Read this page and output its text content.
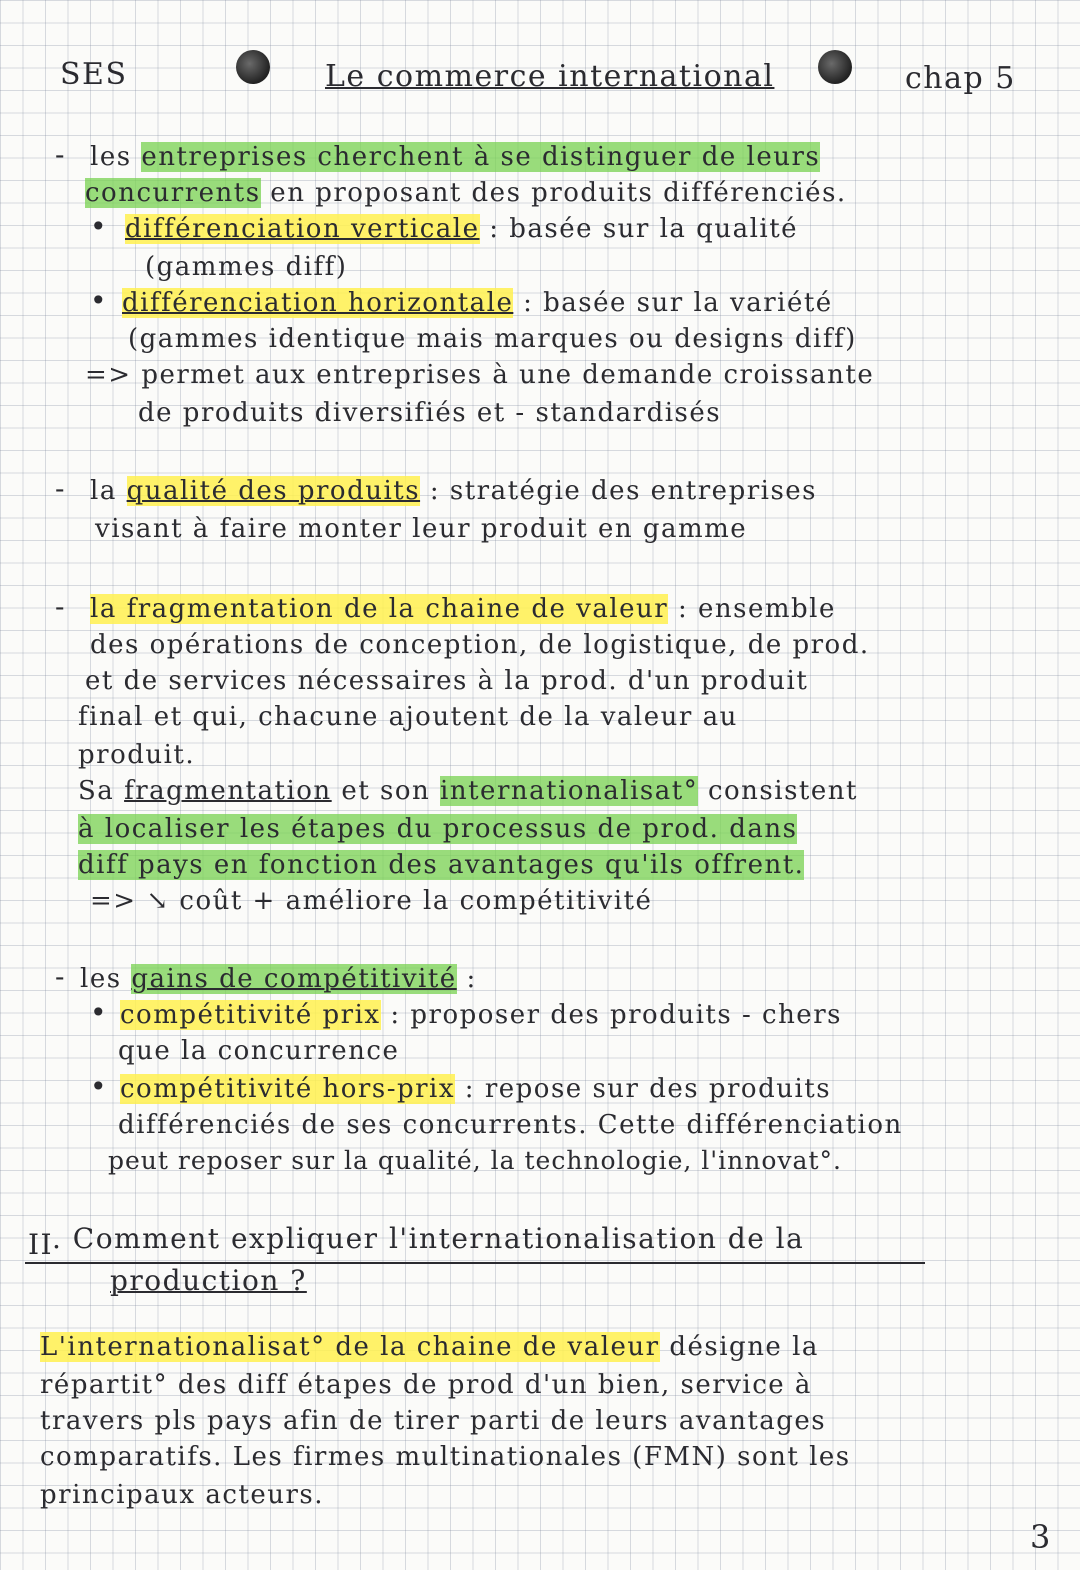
SES	Le commerce international	chap 5
- les entreprises cherchent à se distinguer de leurs
concurrents en proposant des produits différenciés.
• différenciation verticale : basée sur la qualité
(gammes diff)
• différenciation horizontale : basée sur la variété
(gammes identique mais marques ou designs diff)
=> permet aux entreprises à une demande croissante
de produits diversifiés et - standardisés
- la qualité des produits : stratégie des entreprises
visant à faire monter leur produit en gamme
- la fragmentation de la chaine de valeur : ensemble
des opérations de conception, de logistique, de prod.
et de services nécessaires à la prod. d'un produit
final et qui, chacune ajoutent de la valeur au
produit.
Sa fragmentation et son internationalisat° consistent
à localiser les étapes du processus de prod. dans
diff pays en fonction des avantages qu'ils offrent.
=> ↘ coût + améliore la compétitivité
- les gains de compétitivité :
• compétitivité prix : proposer des produits - chers
que la concurrence
• compétitivité hors-prix : repose sur des produits
différenciés de ses concurrents. Cette différenciation
peut reposer sur la qualité, la technologie, l'innovat°.
II
. Comment expliquer l'internationalisation de la
production ?
L'internationalisat° de la chaine de valeur désigne la
répartit° des diff étapes de prod d'un bien, service à
travers pls pays afin de tirer parti de leurs avantages
comparatifs. Les firmes multinationales (FMN) sont les
principaux acteurs.
3
